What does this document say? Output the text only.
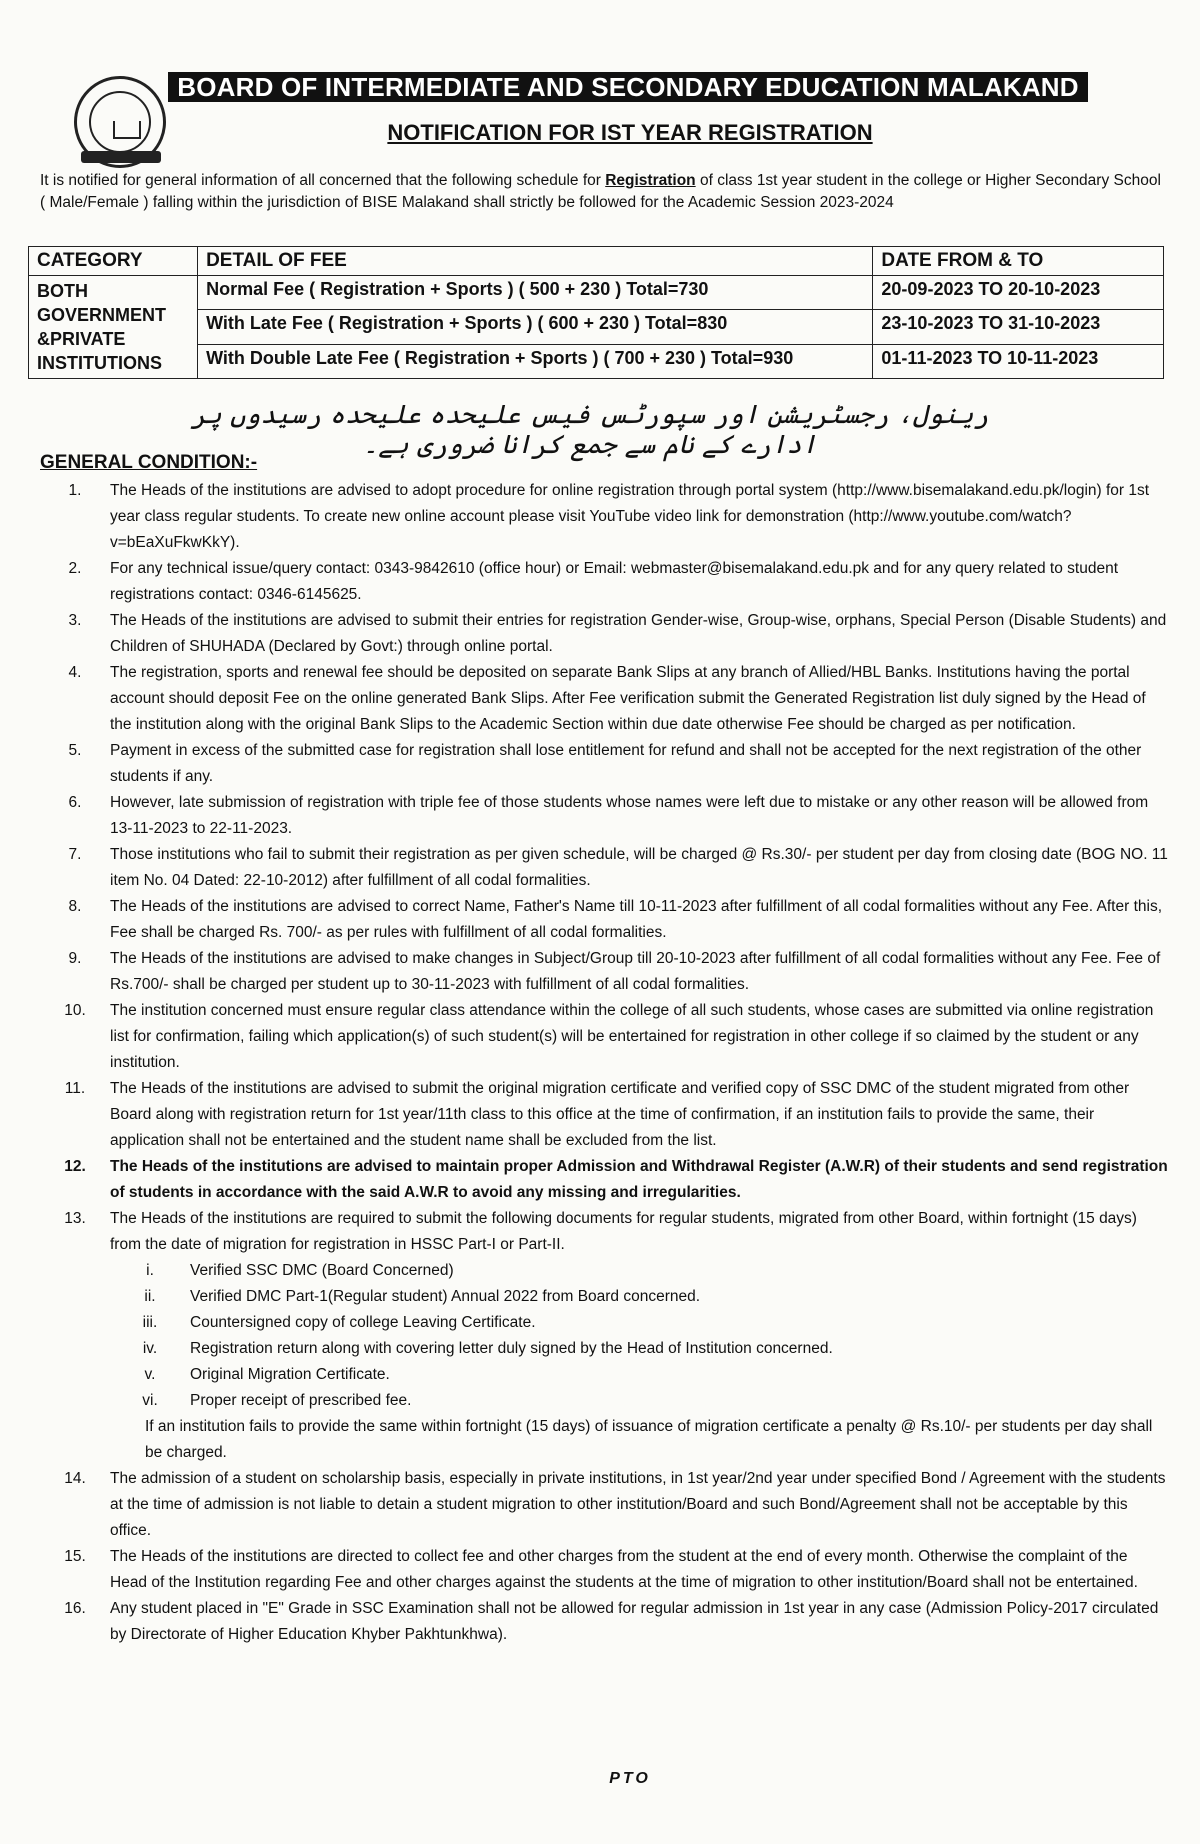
BOARD OF INTERMEDIATE AND SECONDARY EDUCATION MALAKAND
NOTIFICATION FOR IST YEAR REGISTRATION
It is notified for general information of all concerned that the following schedule for Registration of class 1st year student in the college or Higher Secondary School ( Male/Female ) falling within the jurisdiction of BISE Malakand shall strictly be followed for the Academic Session 2023-2024
CATEGORY	DETAIL OF FEE	DATE FROM & TO
BOTH GOVERNMENT &PRIVATE INSTITUTIONS	Normal Fee ( Registration + Sports ) ( 500 + 230 ) Total=730	20-09-2023 TO 20-10-2023
	With Late Fee ( Registration + Sports ) ( 600 + 230 ) Total=830	23-10-2023 TO 31-10-2023
	With Double Late Fee ( Registration + Sports ) ( 700 + 230 ) Total=930	01-11-2023 TO 10-11-2023
رینول، رجسٹریشن اور سپورٹس فیس علیحدہ علیحدہ رسیدوں پر ادارے کے نام سے جمع کرانا ضروری ہے۔
GENERAL CONDITION:-
1.	The Heads of the institutions are advised to adopt procedure for online registration through portal system (http://www.bisemalakand.edu.pk/login) for 1st year class regular students. To create new online account please visit YouTube video link for demonstration (http://www.youtube.com/watch?v=bEaXuFkwKkY).
2.	For any technical issue/query contact: 0343-9842610 (office hour) or Email: webmaster@bisemalakand.edu.pk and for any query related to student registrations contact: 0346-6145625.
3.	The Heads of the institutions are advised to submit their entries for registration Gender-wise, Group-wise, orphans, Special Person (Disable Students) and Children of SHUHADA (Declared by Govt:) through online portal.
4.	The registration, sports and renewal fee should be deposited on separate Bank Slips at any branch of Allied/HBL Banks. Institutions having the portal account should deposit Fee on the online generated Bank Slips. After Fee verification submit the Generated Registration list duly signed by the Head of the institution along with the original Bank Slips to the Academic Section within due date otherwise Fee should be charged as per notification.
5.	Payment in excess of the submitted case for registration shall lose entitlement for refund and shall not be accepted for the next registration of the other students if any.
6.	However, late submission of registration with triple fee of those students whose names were left due to mistake or any other reason will be allowed from 13-11-2023 to 22-11-2023.
7.	Those institutions who fail to submit their registration as per given schedule, will be charged @ Rs.30/- per student per day from closing date (BOG NO. 11 item No. 04 Dated: 22-10-2012) after fulfillment of all codal formalities.
8.	The Heads of the institutions are advised to correct Name, Father's Name till 10-11-2023 after fulfillment of all codal formalities without any Fee. After this, Fee shall be charged Rs. 700/- as per rules with fulfillment of all codal formalities.
9.	The Heads of the institutions are advised to make changes in Subject/Group till 20-10-2023 after fulfillment of all codal formalities without any Fee. Fee of Rs.700/- shall be charged per student up to 30-11-2023 with fulfillment of all codal formalities.
10.	The institution concerned must ensure regular class attendance within the college of all such students, whose cases are submitted via online registration list for confirmation, failing which application(s) of such student(s) will be entertained for registration in other college if so claimed by the student or any institution.
11.	The Heads of the institutions are advised to submit the original migration certificate and verified copy of SSC DMC of the student migrated from other Board along with registration return for 1st year/11th class to this office at the time of confirmation, if an institution fails to provide the same, their application shall not be entertained and the student name shall be excluded from the list.
12.	The Heads of the institutions are advised to maintain proper Admission and Withdrawal Register (A.W.R) of their students and send registration of students in accordance with the said A.W.R to avoid any missing and irregularities.
13.	The Heads of the institutions are required to submit the following documents for regular students, migrated from other Board, within fortnight (15 days) from the date of migration for registration in HSSC Part-I or Part-II.
i.	Verified SSC DMC (Board Concerned)
ii.	Verified DMC Part-1(Regular student) Annual 2022 from Board concerned.
iii.	Countersigned copy of college Leaving Certificate.
iv.	Registration return along with covering letter duly signed by the Head of Institution concerned.
v.	Original Migration Certificate.
vi.	Proper receipt of prescribed fee.
If an institution fails to provide the same within fortnight (15 days) of issuance of migration certificate a penalty @ Rs.10/- per students per day shall be charged.
14.	The admission of a student on scholarship basis, especially in private institutions, in 1st year/2nd year under specified Bond / Agreement with the students at the time of admission is not liable to detain a student migration to other institution/Board and such Bond/Agreement shall not be acceptable by this office.
15.	The Heads of the institutions are directed to collect fee and other charges from the student at the end of every month. Otherwise the complaint of the Head of the Institution regarding Fee and other charges against the students at the time of migration to other institution/Board shall not be entertained.
16.	Any student placed in "E" Grade in SSC Examination shall not be allowed for regular admission in 1st year in any case (Admission Policy-2017 circulated by Directorate of Higher Education Khyber Pakhtunkhwa).
PTO
